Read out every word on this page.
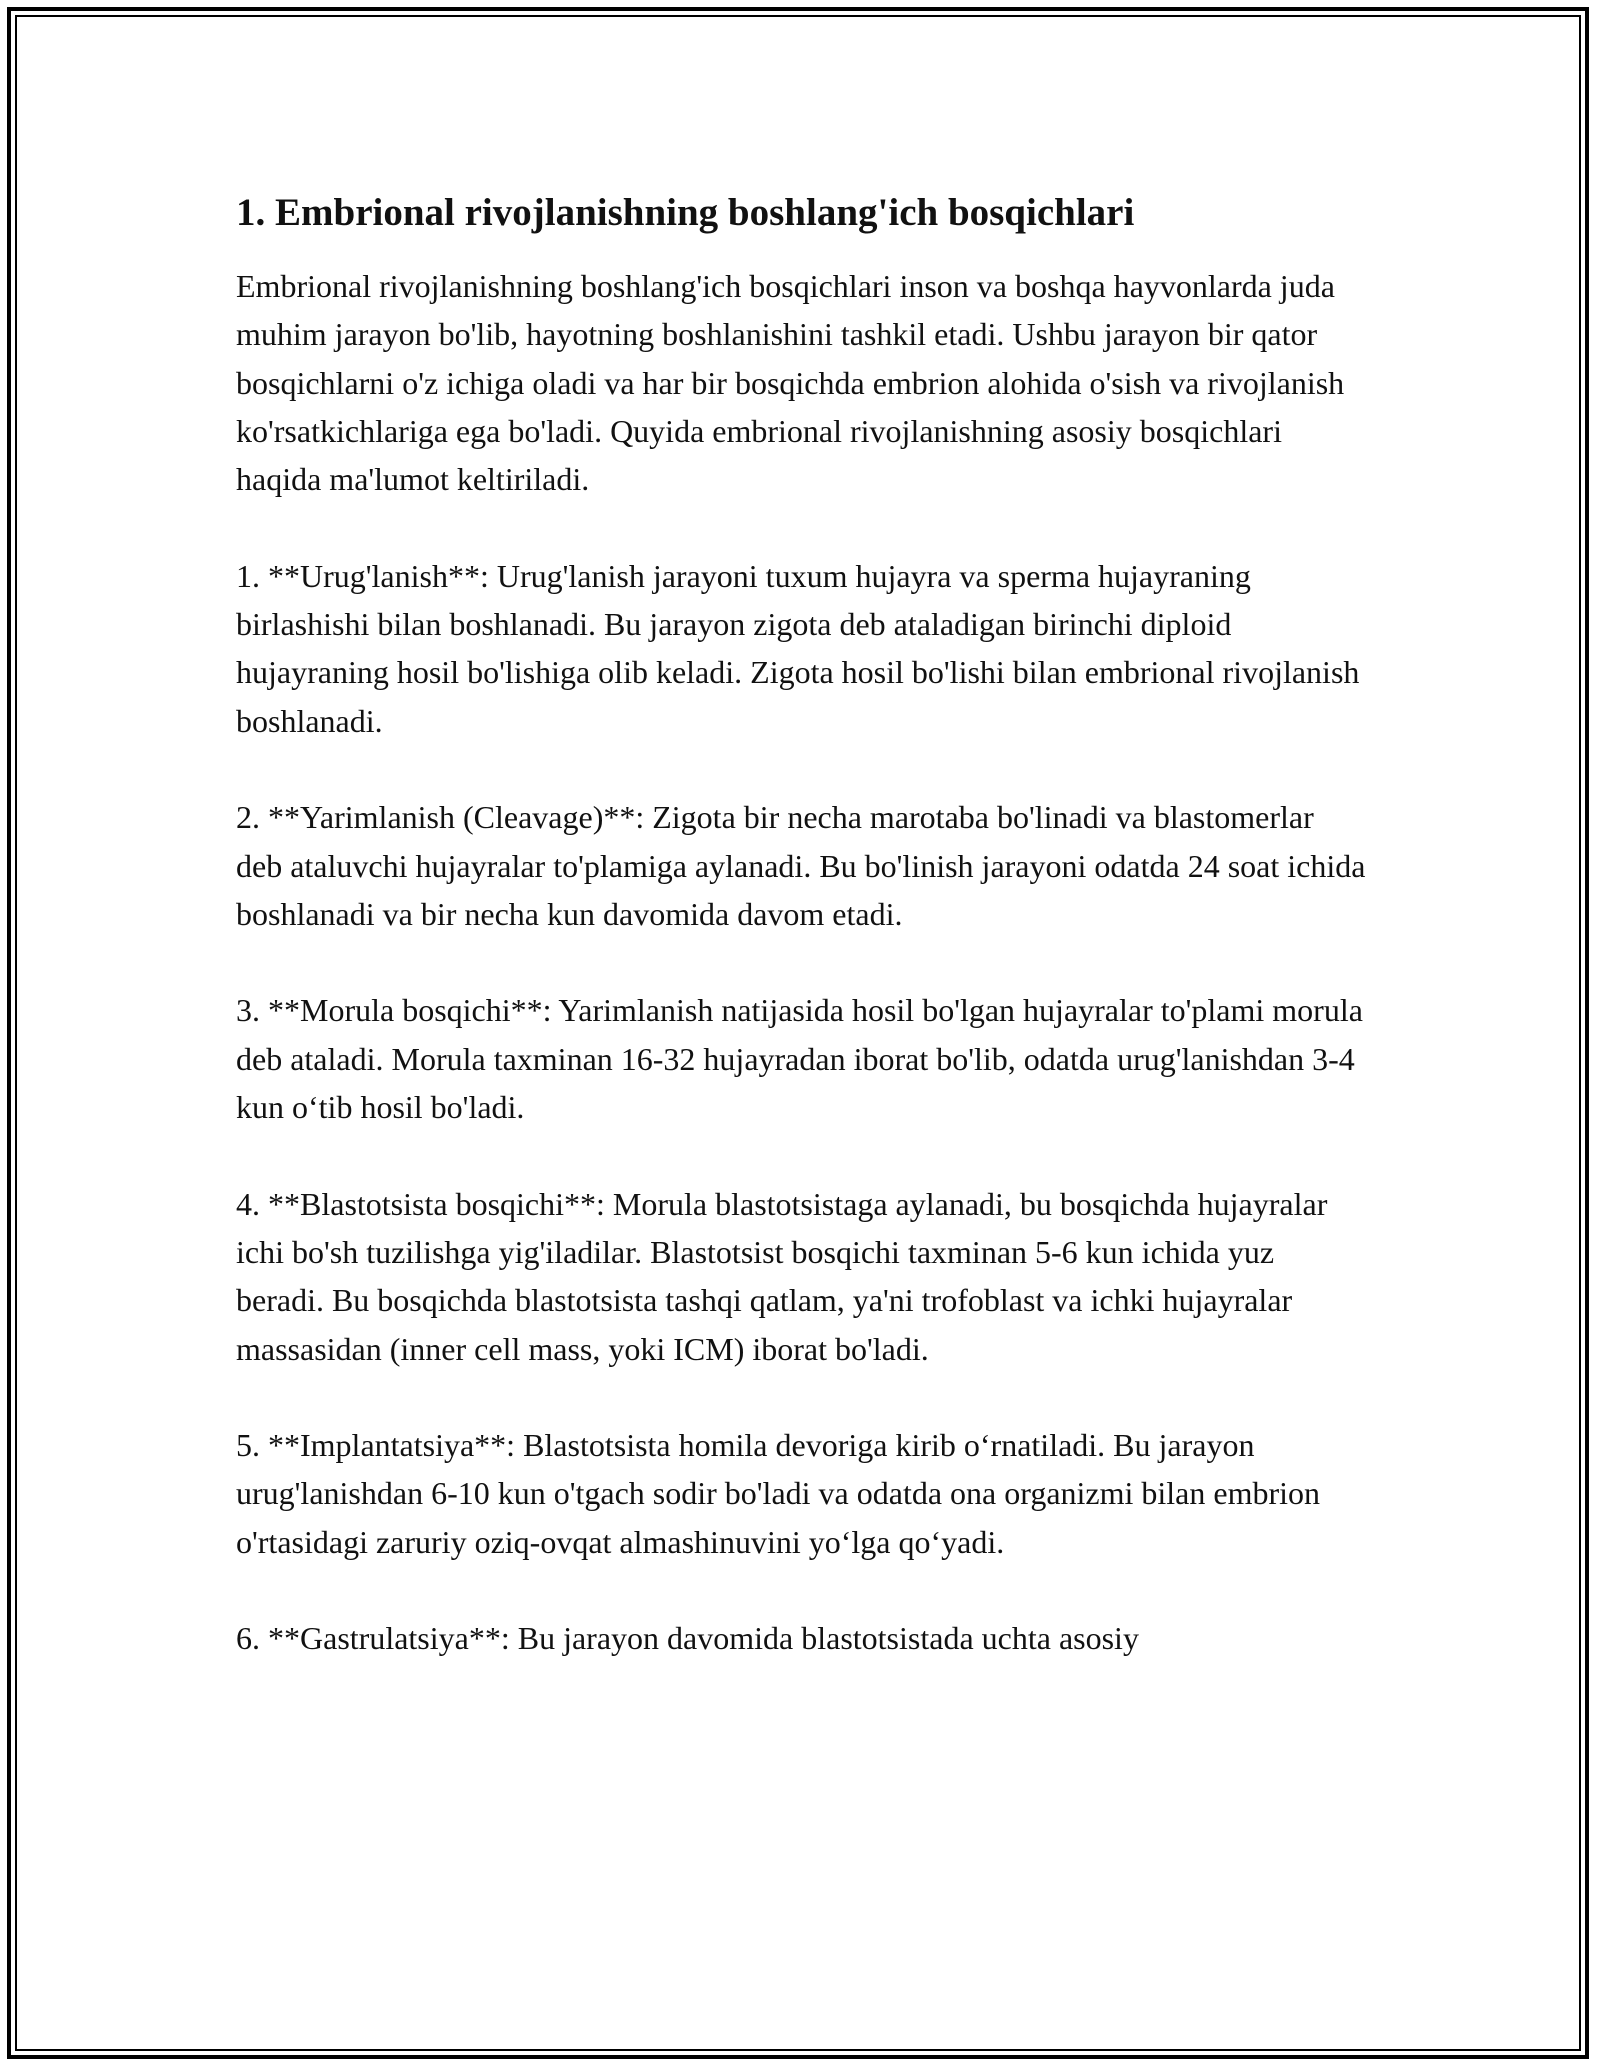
1. Embrional rivojlanishning boshlang'ich bosqichlari

Embrional rivojlanishning boshlang'ich bosqichlari inson va boshqa hayvonlarda juda muhim jarayon bo'lib, hayotning boshlanishini tashkil etadi. Ushbu jarayon bir qator bosqichlarni o'z ichiga oladi va har bir bosqichda embrion alohida o'sish va rivojlanish ko'rsatkichlariga ega bo'ladi. Quyida embrional rivojlanishning asosiy bosqichlari haqida ma'lumot keltiriladi.

1. **Urug'lanish**: Urug'lanish jarayoni tuxum hujayra va sperma hujayraning birlashishi bilan boshlanadi. Bu jarayon zigota deb ataladigan birinchi diploid hujayraning hosil bo'lishiga olib keladi. Zigota hosil bo'lishi bilan embrional rivojlanish boshlanadi.

2. **Yarimlanish (Cleavage)**: Zigota bir necha marotaba bo'linadi va blastomerlar deb ataluvchi hujayralar to'plamiga aylanadi. Bu bo'linish jarayoni odatda 24 soat ichida boshlanadi va bir necha kun davomida davom etadi.

3. **Morula bosqichi**: Yarimlanish natijasida hosil bo'lgan hujayralar to'plami morula deb ataladi. Morula taxminan 16-32 hujayradan iborat bo'lib, odatda urug'lanishdan 3-4 kun o‘tib hosil bo'ladi.

4. **Blastotsista bosqichi**: Morula blastotsistaga aylanadi, bu bosqichda hujayralar ichi bo'sh tuzilishga yig'iladilar. Blastotsist bosqichi taxminan 5-6 kun ichida yuz beradi. Bu bosqichda blastotsista tashqi qatlam, ya'ni trofoblast va ichki hujayralar massasidan (inner cell mass, yoki ICM) iborat bo'ladi.

5. **Implantatsiya**: Blastotsista homila devoriga kirib o‘rnatiladi. Bu jarayon urug'lanishdan 6-10 kun o'tgach sodir bo'ladi va odatda ona organizmi bilan embrion o'rtasidagi zaruriy oziq-ovqat almashinuvini yo‘lga qo‘yadi.

6. **Gastrulatsiya**: Bu jarayon davomida blastotsistada uchta asosiy
